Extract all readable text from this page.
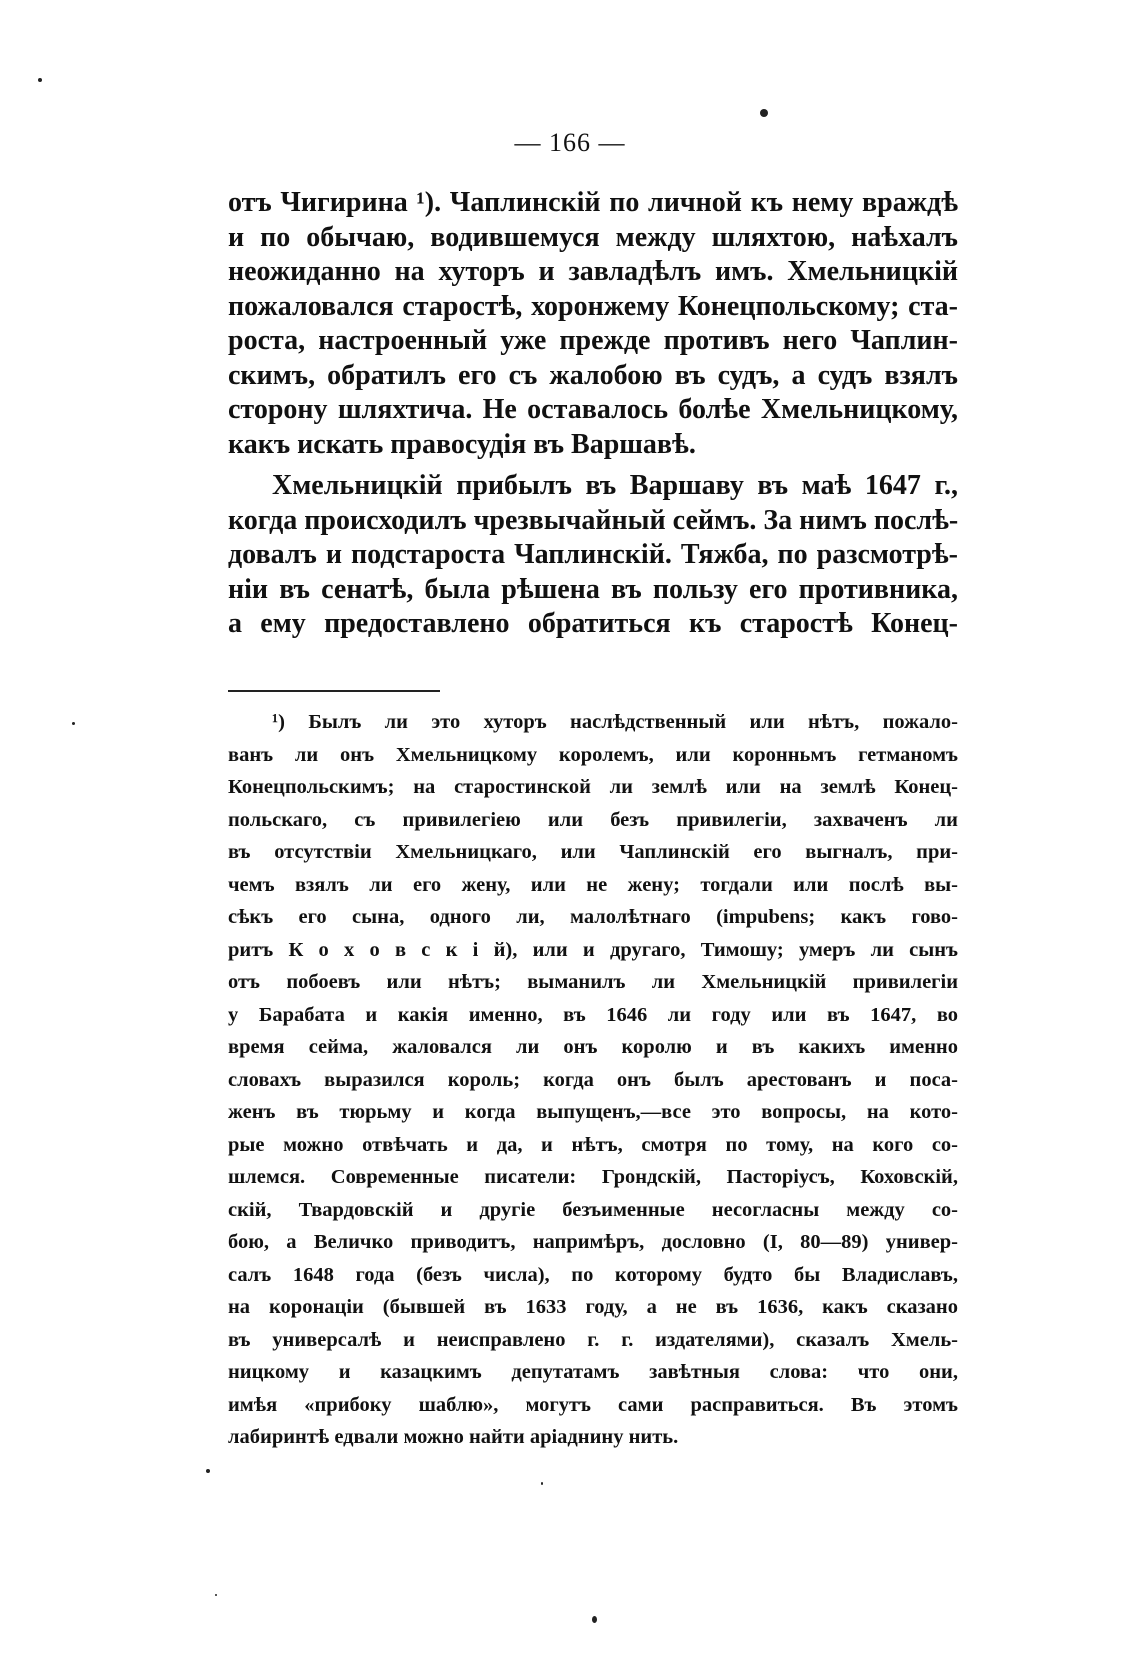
— 166 —
отъ Чигирина ¹). Чаплинскій по личной къ нему враждѣ
и по обычаю, водившемуся между шляхтою, наѣхалъ
неожиданно на хуторъ и завладѣлъ имъ. Хмельницкій
пожаловался старостѣ, хоронжему Конецпольскому; ста-
роста, настроенный уже прежде противъ него Чаплин-
скимъ, обратилъ его съ жалобою въ судъ, а судъ взялъ
сторону шляхтича. Не оставалось болѣе Хмельницкому,
какъ искать правосудія въ Варшавѣ.
Хмельницкій прибылъ въ Варшаву въ маѣ 1647 г.,
когда происходилъ чрезвычайный сеймъ. За нимъ послѣ-
довалъ и подстароста Чаплинскій. Тяжба, по разсмотрѣ-
ніи въ сенатѣ, была рѣшена въ пользу его противника,
а ему предоставлено обратиться къ старостѣ Конец-
¹) Былъ ли это хуторъ наслѣдственный или нѣтъ, пожало-
ванъ ли онъ Хмельницкому королемъ, или коронньмъ гетманомъ
Конецпольскимъ; на старостинской ли землѣ или на землѣ Конец-
польскаго, съ привилегіею или безъ привилегіи, захваченъ ли
въ отсутствіи Хмельницкаго, или Чаплинскій его выгналъ, при-
чемъ взялъ ли его жену, или не жену; тогдали или послѣ вы-
сѣкъ его сына, одного ли, малолѣтнаго (impubens; какъ гово-
ритъ К о х о в с к і й), или и другаго, Тимошу; умеръ ли сынъ
отъ побоевъ или нѣтъ; выманилъ ли Хмельницкій привилегіи
у Барабата и какія именно, въ 1646 ли году или въ 1647, во
время сейма, жаловался ли онъ королю и въ какихъ именно
словахъ выразился король; когда онъ былъ арестованъ и поса-
женъ въ тюрьму и когда выпущенъ,—все это вопросы, на кото-
рые можно отвѣчать и да, и нѣтъ, смотря по тому, на кого со-
шлемся. Современные писатели: Грондскій, Пасторіусъ, Коховскій,
скій, Твардовскій и другіе безъименные несогласны между со-
бою, а Величко приводитъ, напримѣръ, дословно (I, 80—89) универ-
салъ 1648 года (безъ числа), по которому будто бы Владиславъ,
на коронаціи (бывшей въ 1633 году, а не въ 1636, какъ сказано
въ универсалѣ и неисправлено г. г. издателями), сказалъ Хмель-
ницкому и казацкимъ депутатамъ завѣтныя слова: что они,
имѣя «прибоку шаблю», могутъ сами расправиться. Въ этомъ
лабиринтѣ едвали можно найти аріаднину нить.
